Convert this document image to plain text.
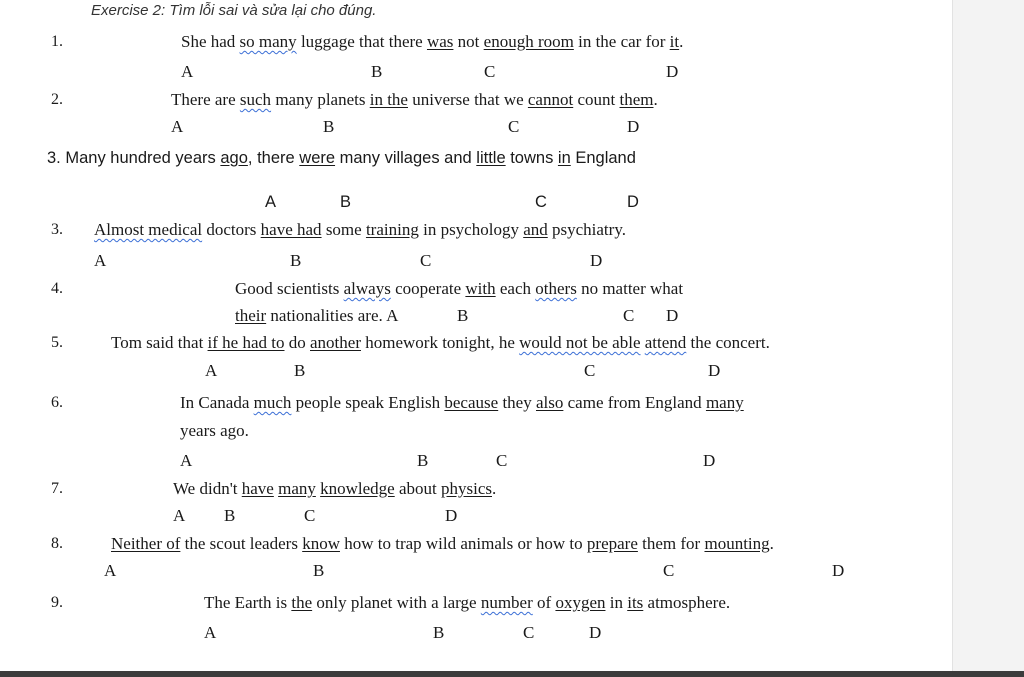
Exercise 2: Tìm lỗi sai và sửa lại cho đúng.
1.	She had so many luggage that there was not enough room in the car for it.
A	B	C	D
2.	There are such many planets in the universe that we cannot count them.
A	B	C	D
3. Many hundred years ago, there were many villages and little towns in England
A	B	C	D
3. Almost medical doctors have had some training in psychology and psychiatry.
A	B	C	D
4.	Good scientists always cooperate with each others no matter what
their nationalities are. A	B	C D
5.	Tom said that if he had to do another homework tonight, he would not be able attend the concert.
A	B	C	D
6.	In Canada much people speak English because they also came from England many
years ago.
A	B	C	D
7.	We didn't have many knowledge about physics.
A B	C	D
8.	Neither of the scout leaders know how to trap wild animals or how to prepare them for mounting.
A	B	C	D
9.	The Earth is the only planet with a large number of oxygen in its atmosphere.
A	B	C	D
